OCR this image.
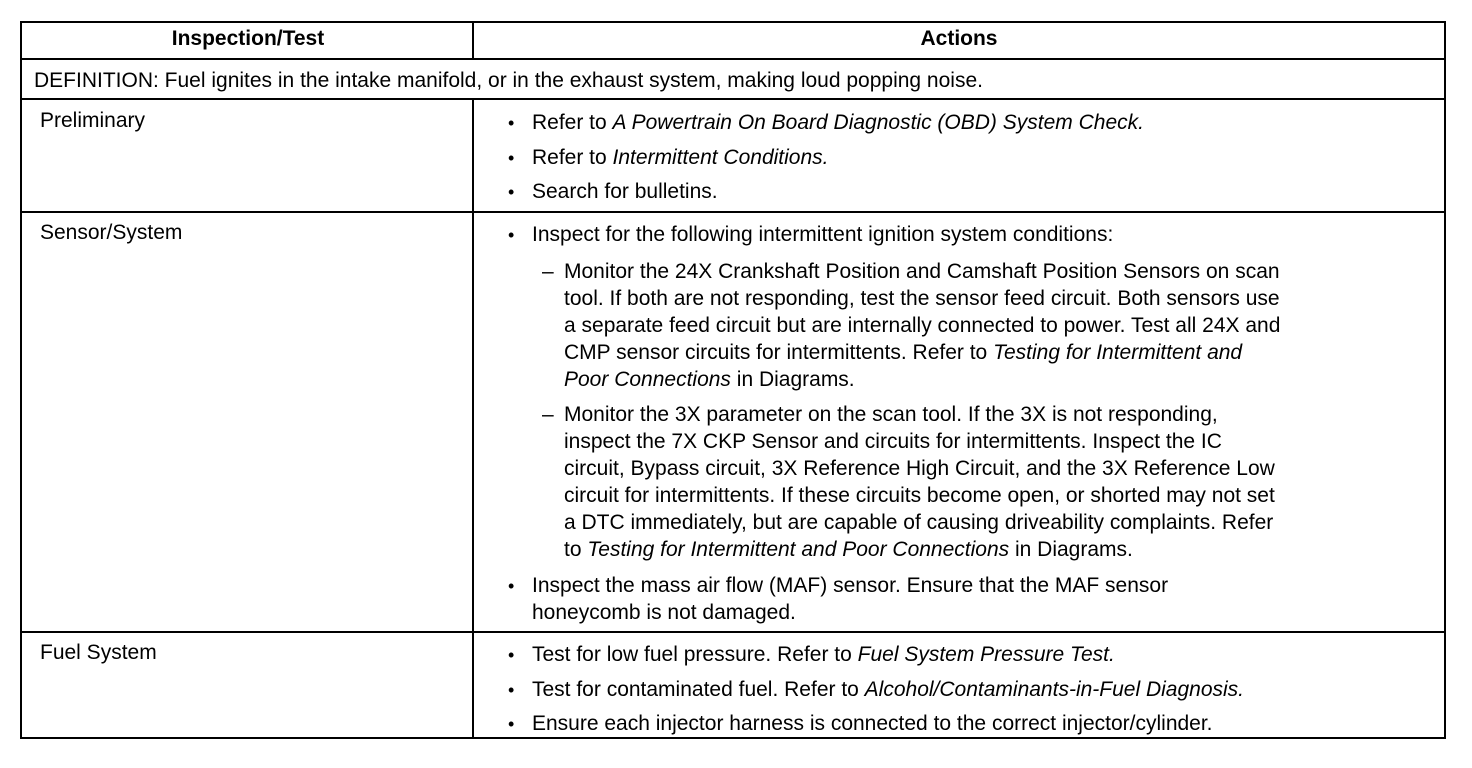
Inspection/Test	Actions
DEFINITION: Fuel ignites in the intake manifold, or in the exhaust system, making loud popping noise.
Preliminary	• Refer to A Powertrain On Board Diagnostic (OBD) System Check.
• Refer to Intermittent Conditions.
• Search for bulletins.
Sensor/System	• Inspect for the following intermittent ignition system conditions:
– Monitor the 24X Crankshaft Position and Camshaft Position Sensors on scan
tool. If both are not responding, test the sensor feed circuit. Both sensors use
a separate feed circuit but are internally connected to power. Test all 24X and
CMP sensor circuits for intermittents. Refer to Testing for Intermittent and
Poor Connections in Diagrams.
– Monitor the 3X parameter on the scan tool. If the 3X is not responding,
inspect the 7X CKP Sensor and circuits for intermittents. Inspect the IC
circuit, Bypass circuit, 3X Reference High Circuit, and the 3X Reference Low
circuit for intermittents. If these circuits become open, or shorted may not set
a DTC immediately, but are capable of causing driveability complaints. Refer
to Testing for Intermittent and Poor Connections in Diagrams.
• Inspect the mass air flow (MAF) sensor. Ensure that the MAF sensor
honeycomb is not damaged.
Fuel System	• Test for low fuel pressure. Refer to Fuel System Pressure Test.
• Test for contaminated fuel. Refer to Alcohol/Contaminants-in-Fuel Diagnosis.
• Ensure each injector harness is connected to the correct injector/cylinder.
